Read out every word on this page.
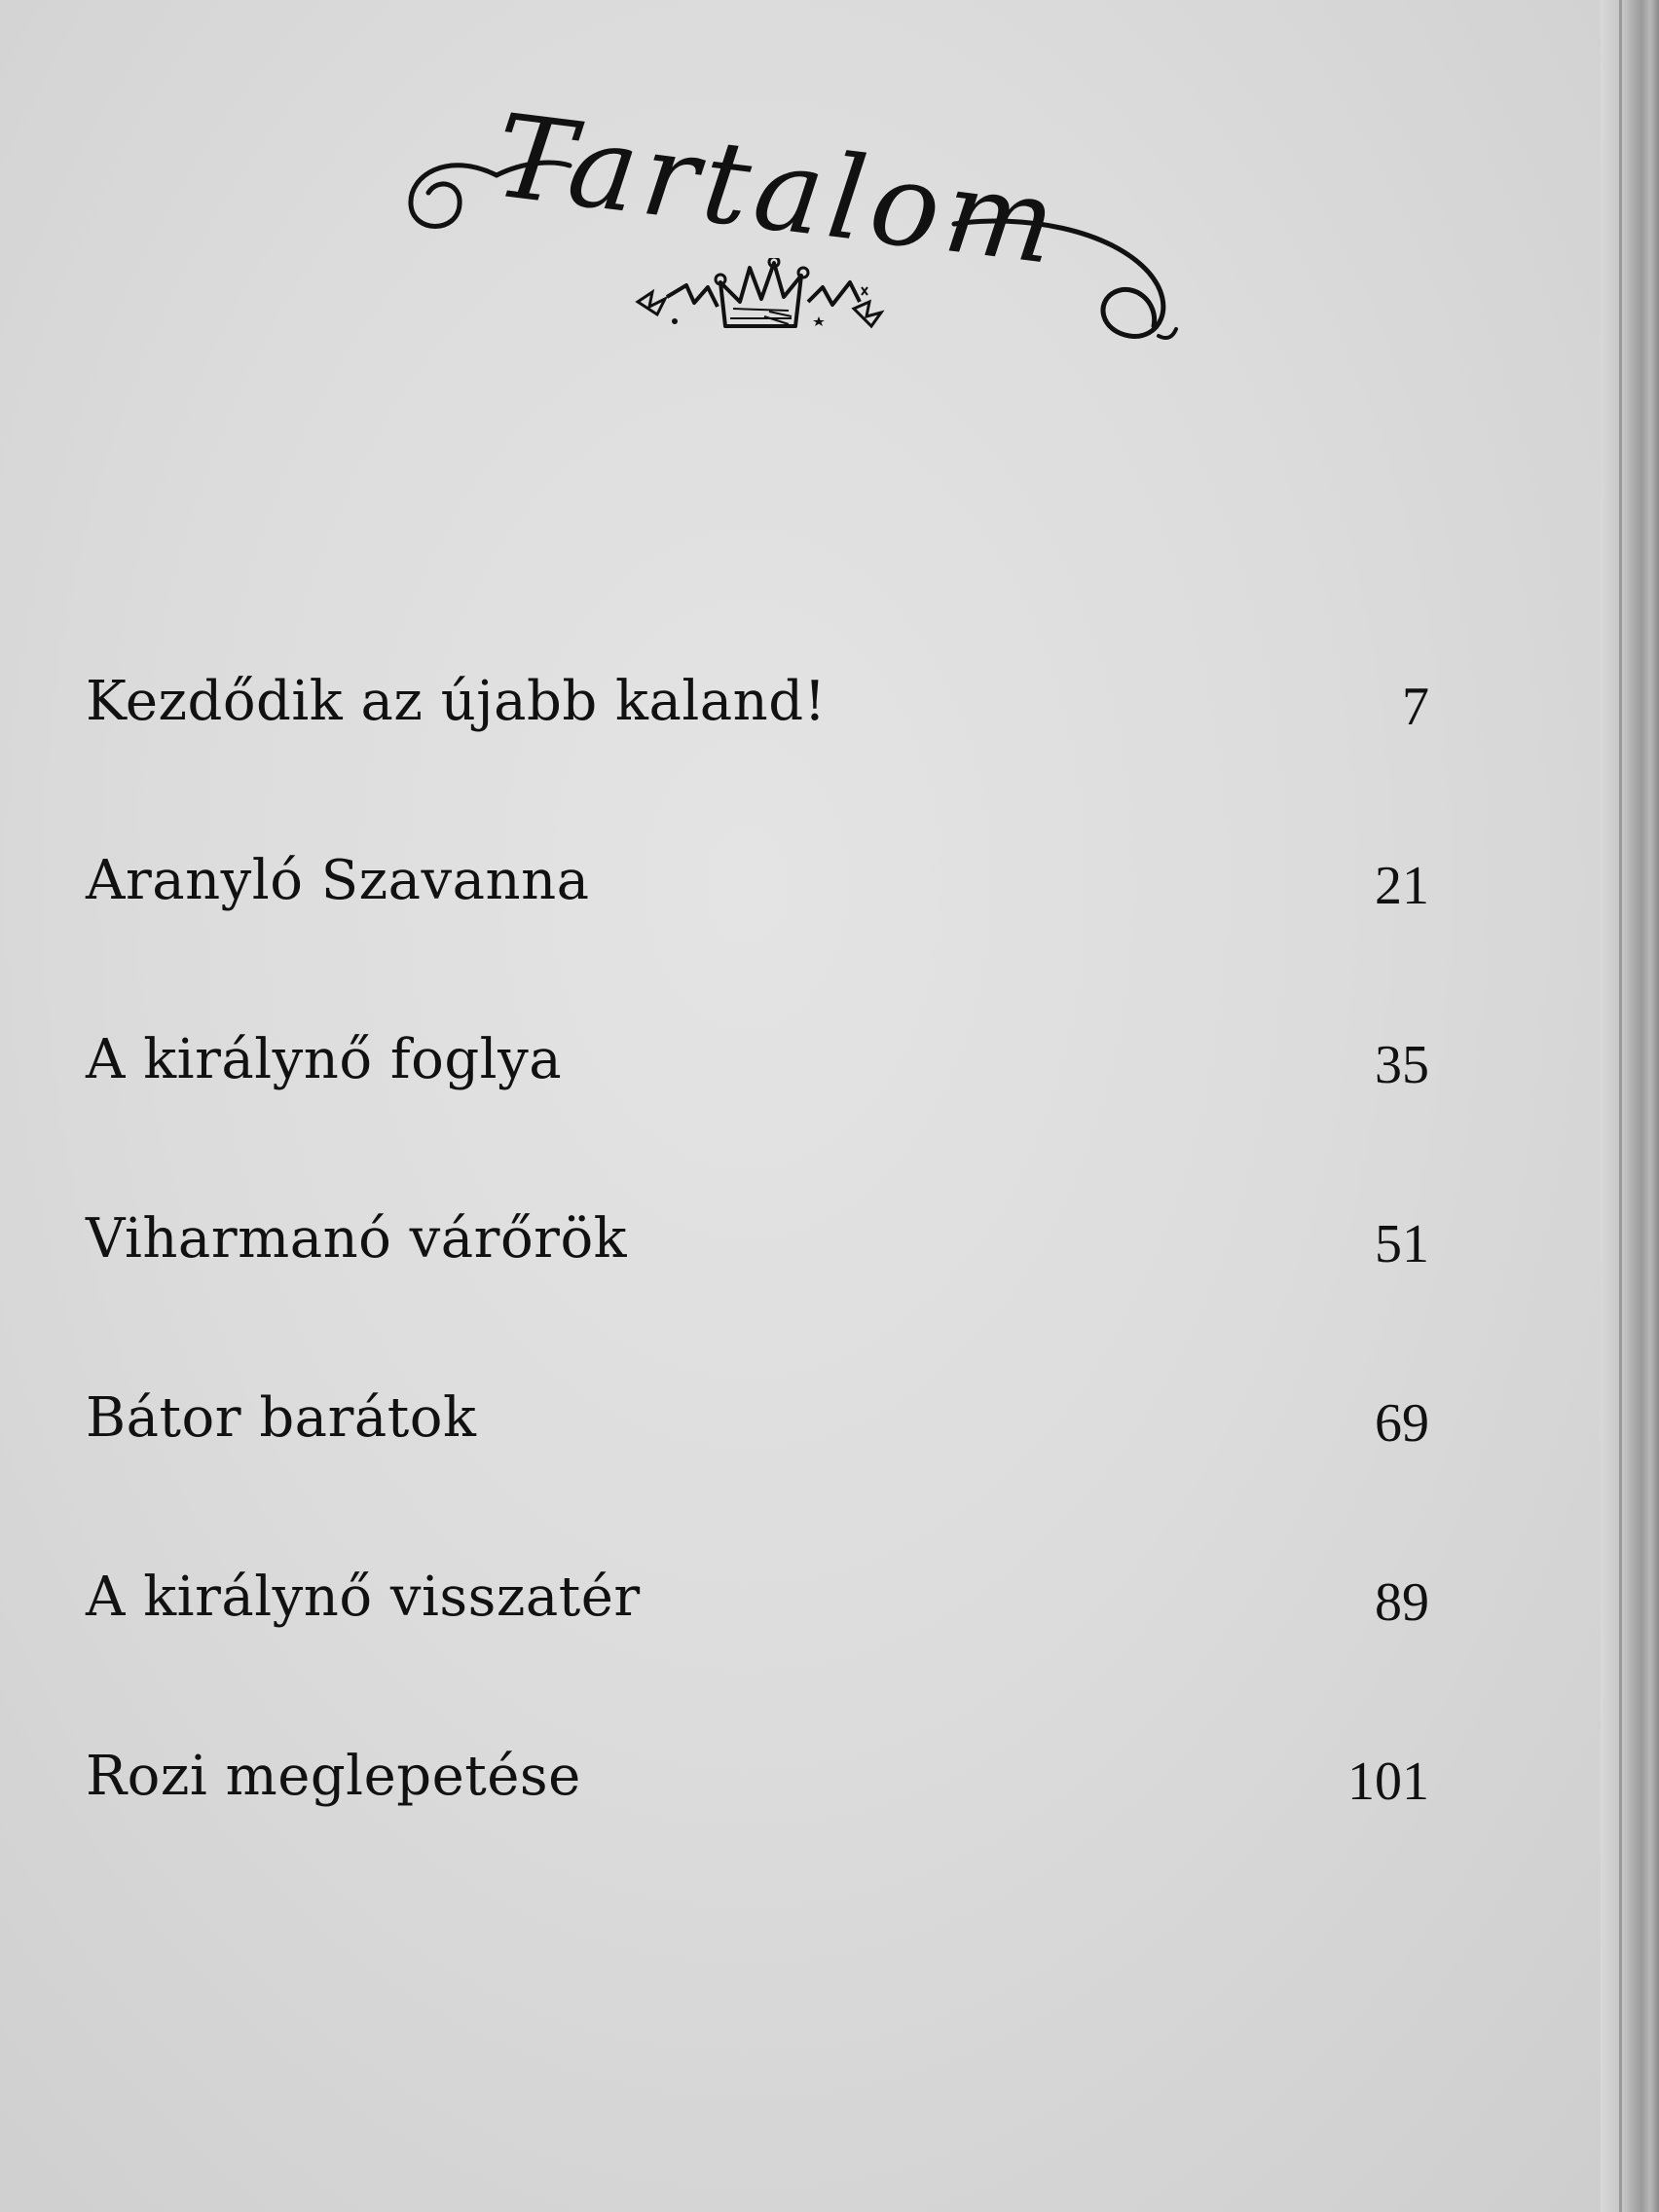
Tartalom
Kezdődik az újabb kaland!	7
Aranyló Szavanna	21
A királynő foglya	35
Viharmanó várőrök	51
Bátor barátok	69
A királynő visszatér	89
Rozi meglepetése	101
